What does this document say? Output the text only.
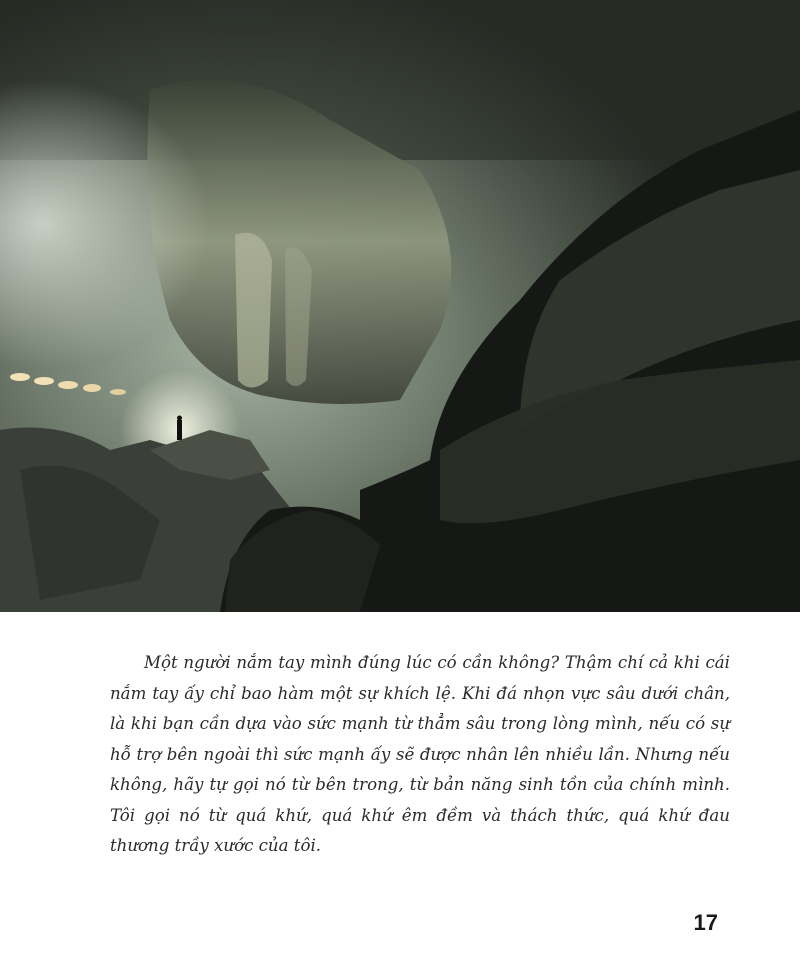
Một người nắm tay mình đúng lúc có cần không? Thậm chí cả khi cái nắm tay ấy chỉ bao hàm một sự khích lệ. Khi đá nhọn vực sâu dưới chân, là khi bạn cần dựa vào sức mạnh từ thẳm sâu trong lòng mình, nếu có sự hỗ trợ bên ngoài thì sức mạnh ấy sẽ được nhân lên nhiều lần. Nhưng nếu không, hãy tự gọi nó từ bên trong, từ bản năng sinh tồn của chính mình. Tôi gọi nó từ quá khứ, quá khứ êm đềm và thách thức, quá khứ đau thương trầy xước của tôi.

17
